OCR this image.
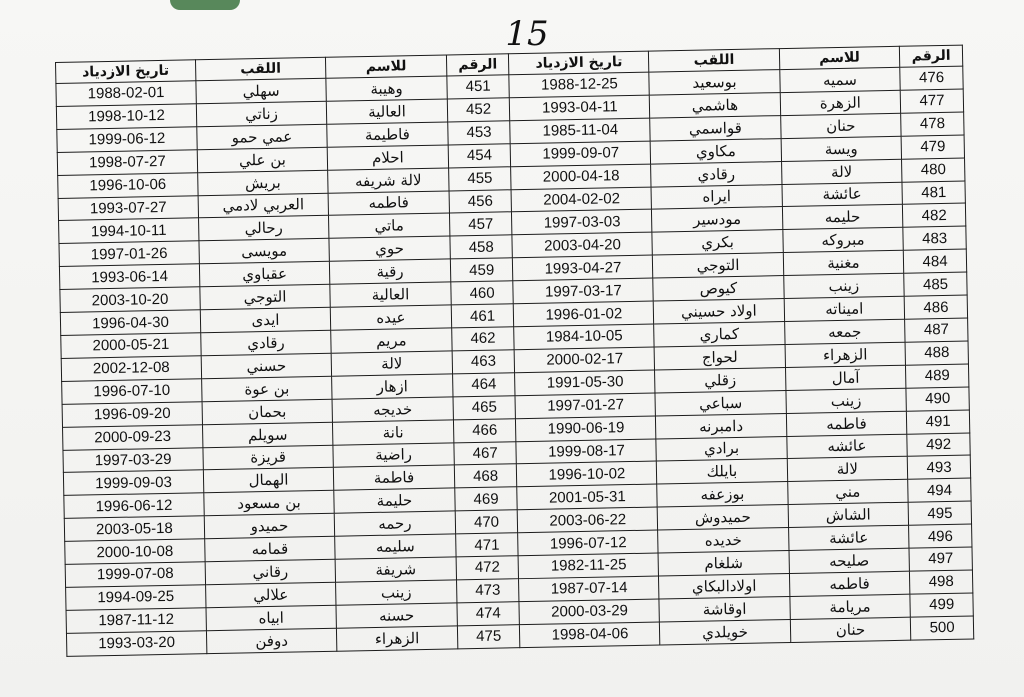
15
تاريخ الازدياد	اللقب	للاسم	الرقم	تاريخ الازدياد	اللقب	للاسم	الرقم
1988-02-01	سهلي	وهيبة	451	1988-12-25	بوسعيد	سميه	476
1998-10-12	زناتي	العالية	452	1993-04-11	هاشمي	الزهرة	477
1999-06-12	عمي حمو	فاطيمة	453	1985-11-04	قواسمي	حنان	478
1998-07-27	بن علي	احلام	454	1999-09-07	مكاوي	ويسة	479
1996-10-06	بريش	لالة شريفه	455	2000-04-18	رقادي	لالة	480
1993-07-27	العربي لادمي	فاطمه	456	2004-02-02	ايراه	عائشة	481
1994-10-11	رحالي	ماتي	457	1997-03-03	مودسير	حليمه	482
1997-01-26	مويسى	حوي	458	2003-04-20	بكري	مبروكه	483
1993-06-14	عقباوي	رقية	459	1993-04-27	التوجي	مغنية	484
2003-10-20	التوجي	العالية	460	1997-03-17	كيوص	زينب	485
1996-04-30	ايدى	عيده	461	1996-01-02	اولاد حسيني	اميناته	486
2000-05-21	رقادي	مريم	462	1984-10-05	كماري	جمعه	487
2002-12-08	حسني	لالة	463	2000-02-17	لحواج	الزهراء	488
1996-07-10	بن عوة	ازهار	464	1991-05-30	زقلي	آمال	489
1996-09-20	بحمان	خديجه	465	1997-01-27	سباعي	زينب	490
2000-09-23	سويلم	نانة	466	1990-06-19	دامبرنه	فاطمه	491
1997-03-29	قريزة	راضية	467	1999-08-17	برادي	عائشه	492
1999-09-03	الهمال	فاطمة	468	1996-10-02	بايلك	لالة	493
1996-06-12	بن مسعود	حليمة	469	2001-05-31	بوزعفه	مني	494
2003-05-18	حميدو	رحمه	470	2003-06-22	حميدوش	الشاش	495
2000-10-08	قمامه	سليمه	471	1996-07-12	خديده	عائشة	496
1999-07-08	رقاني	شريفة	472	1982-11-25	شلغام	صليحه	497
1994-09-25	علالي	زينب	473	1987-07-14	اولادالبكاي	فاطمه	498
1987-11-12	ابياه	حسنه	474	2000-03-29	اوقاشة	مريامة	499
1993-03-20	دوفن	الزهراء	475	1998-04-06	خويلدي	حنان	500
